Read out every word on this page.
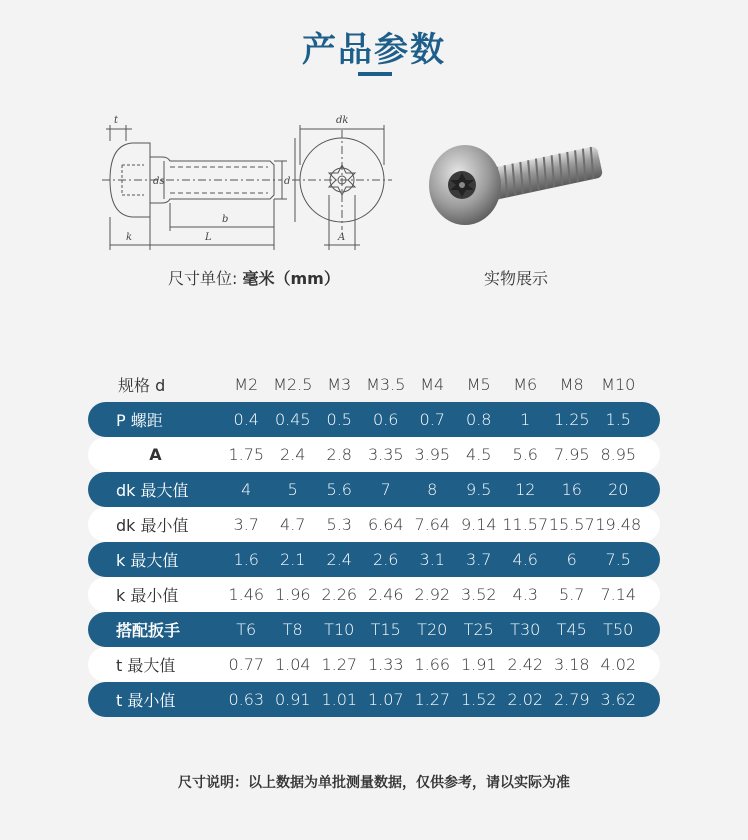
产品参数
t
ds	d
b
k	L
dk
A
尺寸单位: 毫米（mm）	实物展示
规格 d	M2 M2.5 M3 M3.5 M4	M5	M6	M8	M10
P 螺距	0.4 0.45 0.5	0.6	0.7	0.8	1	1.25 1.5
A	1.75 2.4	2.8 3.35 3.95 4.5	5.6 7.95 8.95
dk 最大值	4	5	5.6	7	8	9.5	12	16	20
dk 最小值	3.7	4.7	5.3 6.64 7.64 9.14 11.57 15.57 19.48
k 最大值	1.6	2.1	2.4	2.6	3.1	3.7	4.6	6	7.5
k 最小值	1.46 1.96 2.26 2.46 2.92 3.52 4.3	5.7 7.14
搭配扳手	T6	T8	T10	T15	T20	T25	T30	T45	T50
t 最大值	0.77 1.04 1.27 1.33 1.66 1.91 2.42 3.18 4.02
t 最小值	0.63 0.91 1.01 1.07 1.27 1.52 2.02 2.79 3.62
尺寸说明：以上数据为单批测量数据，仅供参考，请以实际为准
